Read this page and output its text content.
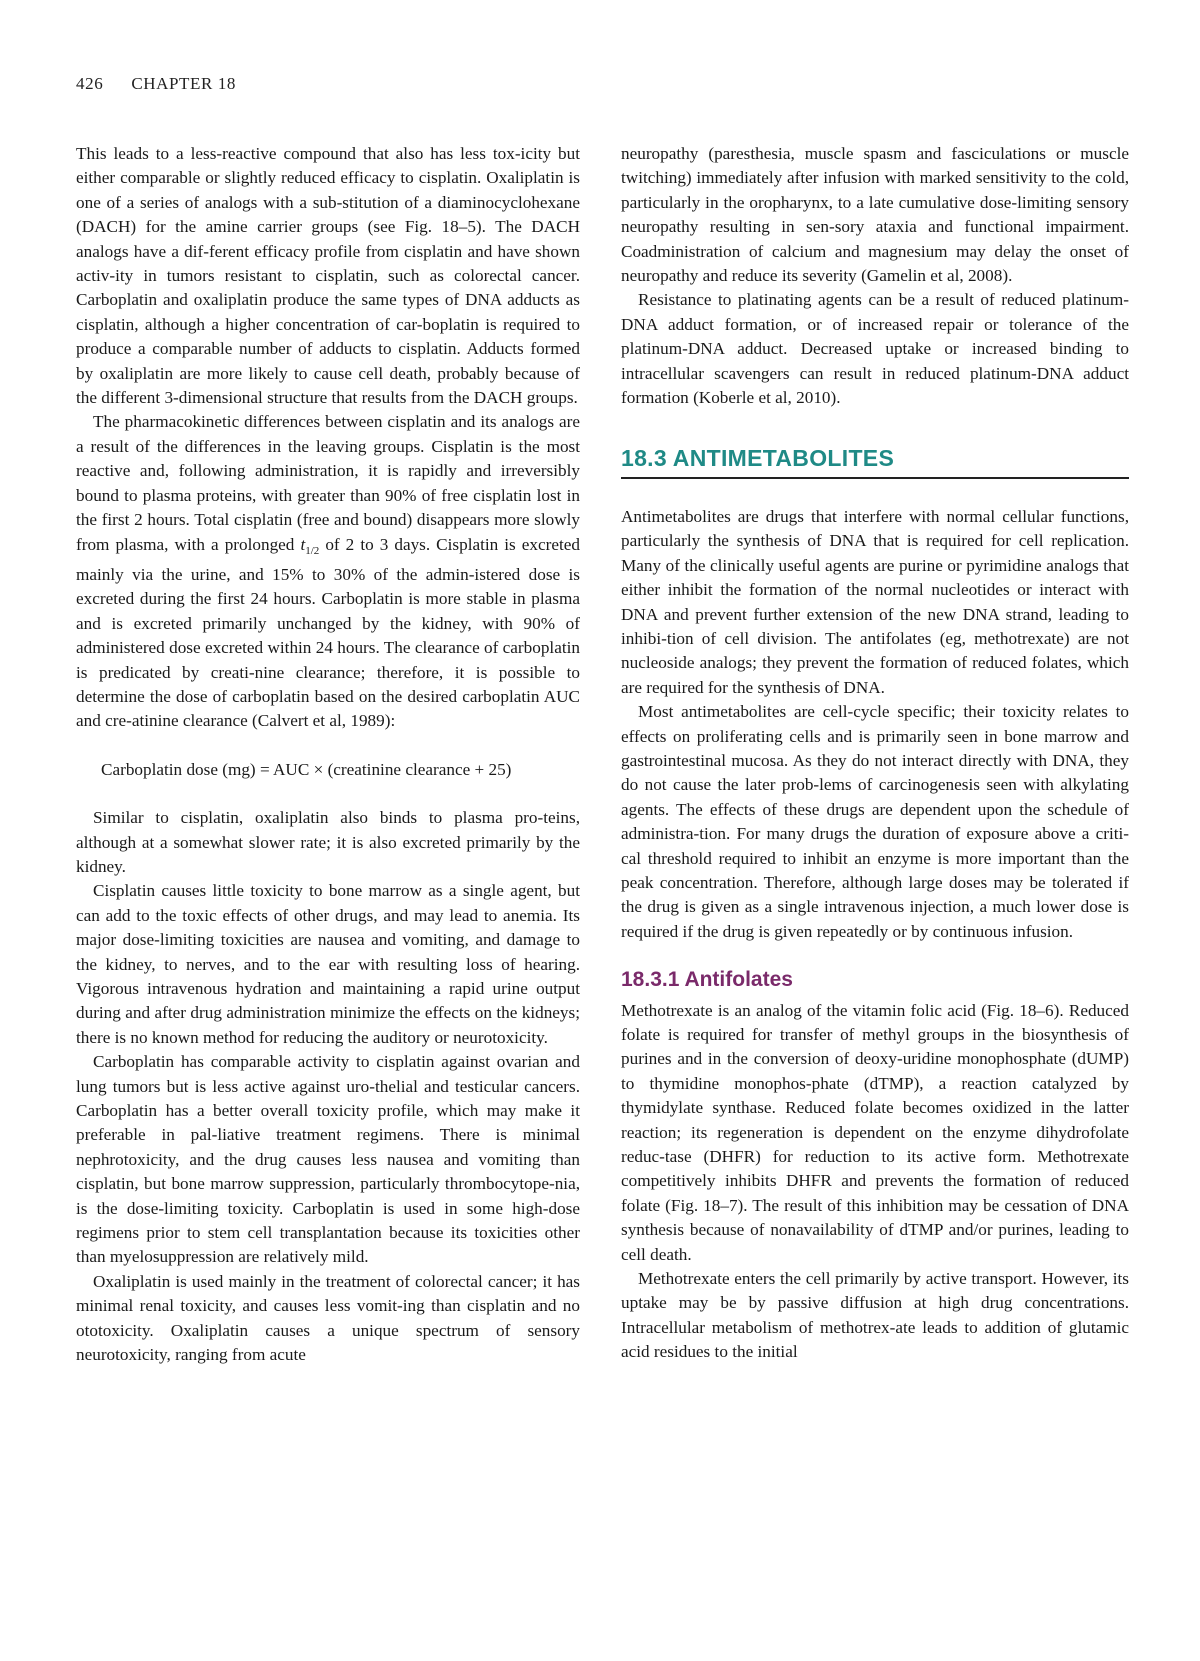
426 CHAPTER 18

This leads to a less-reactive compound that also has less tox-icity but either comparable or slightly reduced efficacy to cisplatin. Oxaliplatin is one of a series of analogs with a sub-stitution of a diaminocyclohexane (DACH) for the amine carrier groups (see Fig. 18–5). The DACH analogs have a dif-ferent efficacy profile from cisplatin and have shown activ-ity in tumors resistant to cisplatin, such as colorectal cancer. Carboplatin and oxaliplatin produce the same types of DNA adducts as cisplatin, although a higher concentration of car-boplatin is required to produce a comparable number of adducts to cisplatin. Adducts formed by oxaliplatin are more likely to cause cell death, probably because of the different 3-dimensional structure that results from the DACH groups.

The pharmacokinetic differences between cisplatin and its analogs are a result of the differences in the leaving groups. Cisplatin is the most reactive and, following administration, it is rapidly and irreversibly bound to plasma proteins, with greater than 90% of free cisplatin lost in the first 2 hours. Total cisplatin (free and bound) disappears more slowly from plasma, with a prolonged $t_{1/2}$ of 2 to 3 days. Cisplatin is excreted mainly via the urine, and 15% to 30% of the admin-istered dose is excreted during the first 24 hours. Carboplatin is more stable in plasma and is excreted primarily unchanged by the kidney, with 90% of administered dose excreted within 24 hours. The clearance of carboplatin is predicated by creati-nine clearance; therefore, it is possible to determine the dose of carboplatin based on the desired carboplatin AUC and cre-atinine clearance (Calvert et al, 1989):

Carboplatin dose (mg) = AUC × (creatinine clearance + 25)

Similar to cisplatin, oxaliplatin also binds to plasma pro-teins, although at a somewhat slower rate; it is also excreted primarily by the kidney.

Cisplatin causes little toxicity to bone marrow as a single agent, but can add to the toxic effects of other drugs, and may lead to anemia. Its major dose-limiting toxicities are nausea and vomiting, and damage to the kidney, to nerves, and to the ear with resulting loss of hearing. Vigorous intravenous hydration and maintaining a rapid urine output during and after drug administration minimize the effects on the kidneys; there is no known method for reducing the auditory or neurotoxicity.

Carboplatin has comparable activity to cisplatin against ovarian and lung tumors but is less active against uro-thelial and testicular cancers. Carboplatin has a better overall toxicity profile, which may make it preferable in pal-liative treatment regimens. There is minimal nephrotoxicity, and the drug causes less nausea and vomiting than cisplatin, but bone marrow suppression, particularly thrombocytope-nia, is the dose-limiting toxicity. Carboplatin is used in some high-dose regimens prior to stem cell transplantation because its toxicities other than myelosuppression are relatively mild.

Oxaliplatin is used mainly in the treatment of colorectal cancer; it has minimal renal toxicity, and causes less vomit-ing than cisplatin and no ototoxicity. Oxaliplatin causes a unique spectrum of sensory neurotoxicity, ranging from acute

neuropathy (paresthesia, muscle spasm and fasciculations or muscle twitching) immediately after infusion with marked sensitivity to the cold, particularly in the oropharynx, to a late cumulative dose-limiting sensory neuropathy resulting in sen-sory ataxia and functional impairment. Coadministration of calcium and magnesium may delay the onset of neuropathy and reduce its severity (Gamelin et al, 2008).

Resistance to platinating agents can be a result of reduced platinum-DNA adduct formation, or of increased repair or tolerance of the platinum-DNA adduct. Decreased uptake or increased binding to intracellular scavengers can result in reduced platinum-DNA adduct formation (Koberle et al, 2010).

18.3 ANTIMETABOLITES

Antimetabolites are drugs that interfere with normal cellular functions, particularly the synthesis of DNA that is required for cell replication. Many of the clinically useful agents are purine or pyrimidine analogs that either inhibit the formation of the normal nucleotides or interact with DNA and prevent further extension of the new DNA strand, leading to inhibi-tion of cell division. The antifolates (eg, methotrexate) are not nucleoside analogs; they prevent the formation of reduced folates, which are required for the synthesis of DNA.

Most antimetabolites are cell-cycle specific; their toxicity relates to effects on proliferating cells and is primarily seen in bone marrow and gastrointestinal mucosa. As they do not interact directly with DNA, they do not cause the later prob-lems of carcinogenesis seen with alkylating agents. The effects of these drugs are dependent upon the schedule of administra-tion. For many drugs the duration of exposure above a criti-cal threshold required to inhibit an enzyme is more important than the peak concentration. Therefore, although large doses may be tolerated if the drug is given as a single intravenous injection, a much lower dose is required if the drug is given repeatedly or by continuous infusion.

18.3.1 Antifolates

Methotrexate is an analog of the vitamin folic acid (Fig. 18–6). Reduced folate is required for transfer of methyl groups in the biosynthesis of purines and in the conversion of deoxy-uridine monophosphate (dUMP) to thymidine monophos-phate (dTMP), a reaction catalyzed by thymidylate synthase. Reduced folate becomes oxidized in the latter reaction; its regeneration is dependent on the enzyme dihydrofolate reduc-tase (DHFR) for reduction to its active form. Methotrexate competitively inhibits DHFR and prevents the formation of reduced folate (Fig. 18–7). The result of this inhibition may be cessation of DNA synthesis because of nonavailability of dTMP and/or purines, leading to cell death.

Methotrexate enters the cell primarily by active transport. However, its uptake may be by passive diffusion at high drug concentrations. Intracellular metabolism of methotrex-ate leads to addition of glutamic acid residues to the initial
